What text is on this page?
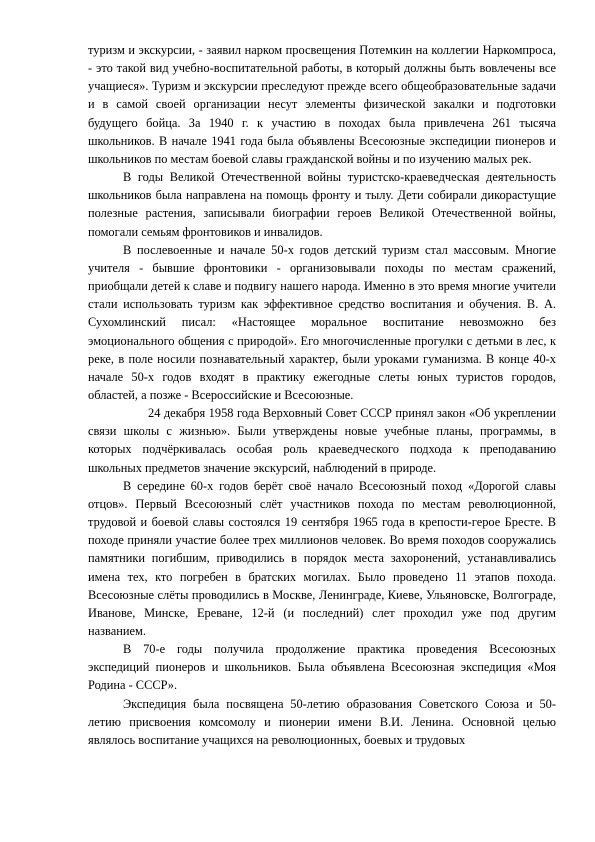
туризм и экскурсии, - заявил нарком просвещения Потемкин на коллегии Наркомпроса, - это такой вид учебно-воспитательной работы, в который должны быть вовлечены все учащиеся». Туризм и экскурсии преследуют прежде всего общеобразовательные задачи и в самой своей организации несут элементы физической закалки и подготовки будущего бойца. За 1940 г. к участию в походах была привлечена 261 тысяча школьников. В начале 1941 года была объявлены Всесоюзные экспедиции пионеров и школьников по местам боевой славы гражданской войны и по изучению малых рек.

В годы Великой Отечественной войны туристско-краеведческая деятельность школьников была направлена на помощь фронту и тылу. Дети собирали дикорастущие полезные растения, записывали биографии героев Великой Отечественной войны, помогали семьям фронтовиков и инвалидов.

В послевоенные и начале 50-х годов детский туризм стал массовым. Многие учителя - бывшие фронтовики - организовывали походы по местам сражений, приобщали детей к славе и подвигу нашего народа. Именно в это время многие учители стали использовать туризм как эффективное средство воспитания и обучения. В. А. Сухомлинский писал: «Настоящее моральное воспитание невозможно без эмоционального общения с природой». Его многочисленные прогулки с детьми в лес, к реке, в поле носили познавательный характер, были уроками гуманизма. В конце 40-х начале 50-х годов входят в практику ежегодные слеты юных туристов городов, областей, а позже - Всероссийские и Всесоюзные.

24 декабря 1958 года Верховный Совет СССР принял закон «Об укреплении связи школы с жизнью». Были утверждены новые учебные планы, программы, в которых подчёркивалась особая роль краеведческого подхода к преподаванию школьных предметов значение экскурсий, наблюдений в природе.

В середине 60-х годов берёт своё начало Всесоюзный поход «Дорогой славы отцов». Первый Всесоюзный слёт участников похода по местам революционной, трудовой и боевой славы состоялся 19 сентября 1965 года в крепости-герое Бресте. В походе приняли участие более трех миллионов человек. Во время походов сооружались памятники погибшим, приводились в порядок места захоронений, устанавливались имена тех, кто погребен в братских могилах. Было проведено 11 этапов похода. Всесоюзные слёты проводились в Москве, Ленинграде, Киеве, Ульяновске, Волгограде, Иванове, Минске, Ереване, 12-й (и последний) слет проходил уже под другим названием.

В 70-е годы получила продолжение практика проведения Всесоюзных экспедиций пионеров и школьников. Была объявлена Всесоюзная экспедиция «Моя Родина - СССР».

Экспедиция была посвящена 50-летию образования Советского Союза и 50-летию присвоения комсомолу и пионерии имени В.И. Ленина. Основной целью являлось воспитание учащихся на революционных, боевых и трудовых
